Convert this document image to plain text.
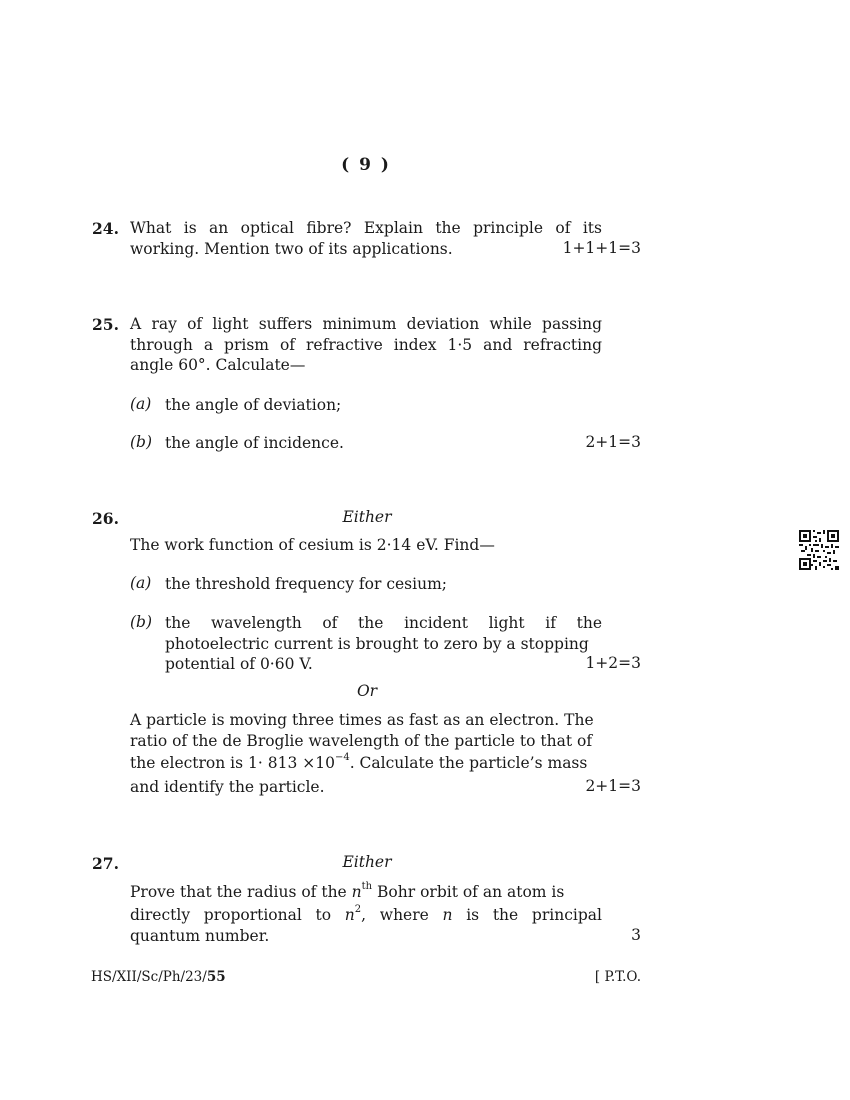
( 9 )
24. What is an optical fibre? Explain the principle of its
working. Mention two of its applications.	1+1+1=3
25. A ray of light suffers minimum deviation while passing
through a prism of refractive index 1·5 and refracting
angle 60°. Calculate—
(a) the angle of deviation;
(b) the angle of incidence.	2+1=3
26.	Either
The work function of cesium is 2·14 eV. Find—
(a) the threshold frequency for cesium;
(b) the wavelength of the incident light if the
photoelectric current is brought to zero by a stopping
potential of 0·60 V.	1+2=3
Or
A particle is moving three times as fast as an electron. The
ratio of the de Broglie wavelength of the particle to that of
the electron is $1\cdot 813 \times 10^{-4}$. Calculate the particle’s mass
and identify the particle.	2+1=3
27.	Either
Prove that the radius of the $n^{th}$ Bohr orbit of an atom is
directly proportional to $n^2$, where n is the principal
quantum number.	3
HS/XII/Sc/Ph/23/55	[ P.T.O.
